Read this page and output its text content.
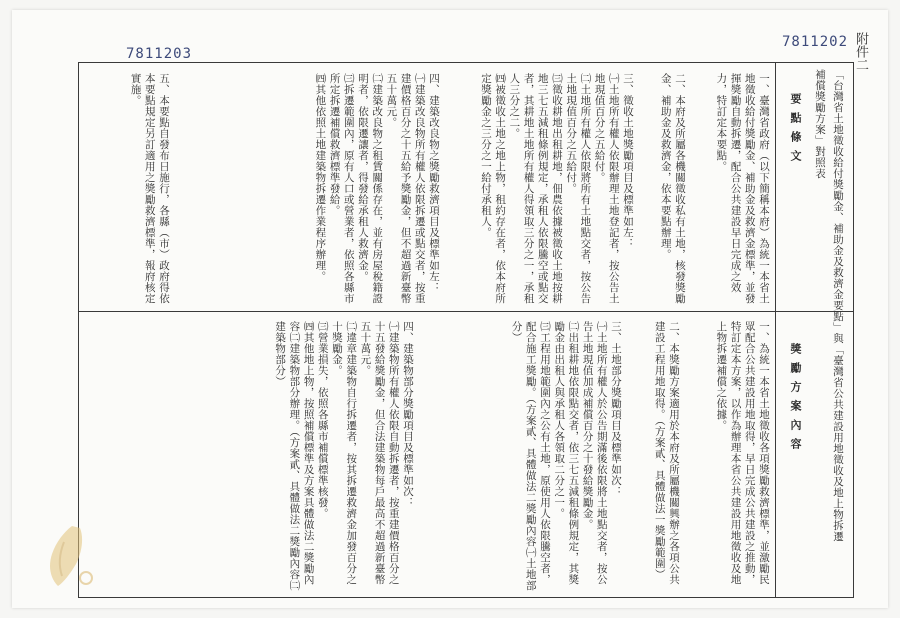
7811203
7811202 附件二
「台灣省土地徵收給付獎勵金、補助金及救濟金要點」與「臺灣省公共建設用地徵收及地上物拆遷
補償獎勵方案」對照表
要點條文
獎勵方案內容
一、臺灣省政府（以下簡稱本府）為統一本省土地徵收給付獎勵金、補助金及救濟金標準，並發揮獎勵自動拆遷，配合公共建設早日完成之效力，特訂定本要點。
二、本府及所屬各機關徵收私有土地，核發獎勵金、補助金及救濟金，依本要點辦理。
三、徵收土地獎勵項目及標準如左：
㈠土地所有權人依限辦理土地登記者，按公告土地現值百分之五給付。
㈡土地所有權人依限將所有土地點交者，按公告土地現值百分之五給付。
㈢徵收耕地出租耕地，佃農依據被徵收土地按耕地三七五減租條例規定，承租人依限騰空或點交者，其耕地土地所有權人得領取三分之一，承租人三分之二。
㈣被徵收土地之地上物，租約存在者，依本府所定獎勵金之三分之一給付承租人。
四、建築改良物之獎勵救濟項目及標準如左：
㈠建築改良物所有權人依限拆遷或點交者，按重建價格百分之十五給予獎勵金，但不超過新臺幣五十萬元。
㈡建築改良物之租賃關係存在，並有房屋稅籍證明者，依限遷讓者，得發給承租人救濟金。
㈢拆遷範圍內，原有人口或營業者，依照各縣市所定拆遷補償救濟標準發給。
㈣其他依照土地建築物拆遷作業程序辦理。
五、本要點自發布日施行，各縣（市）政府得依本要點規定另訂適用之獎勵救濟標準，報府核定實施。
一、為統一本省土地徵收各項獎勵救濟標準，並激勵民眾配合公共建設用地取得，早日完成公共建設之推動，特訂定本方案，以作為辦理本省公共建設用地徵收及地上物拆遷補償之依據。
二、本獎勵方案適用於本府及所屬機關興辦之各項公共建設工程用地取得。（方案貳、具體做法一獎勵範圍）
三、土地部分獎勵項目及標準如次：
㈠土地所有權人於公告期滿後依限將土地點交者，按公告土地現值加成補償百分之十發給獎勵金。
㈡出租耕地依限點交者，依三七五減租條例規定，其獎勵金由出租人與承租人各領取二分之一。
㈢工程用地範圍內之公有土地，原使用人依限騰空者，配合施工獎勵。（方案貳、具體做法二獎勵內容㈠土地部分）
四、建築物部分獎勵項目及標準如次：
㈠建築物所有權人依限自動拆遷者，按重建價格百分之十五發給獎勵金，但合法建築物每戶最高不超過新臺幣五十萬元。
㈡違章建築物自行拆遷者，按其拆遷救濟金加發百分之十獎勵金。
㈢營業損失，依照各縣市補償標準核發。
㈣其他地上物，按照補償標準及方案具體做法二獎勵內容㈡建築物部分辦理。（方案貳、具體做法二獎勵內容㈡建築物部分）
